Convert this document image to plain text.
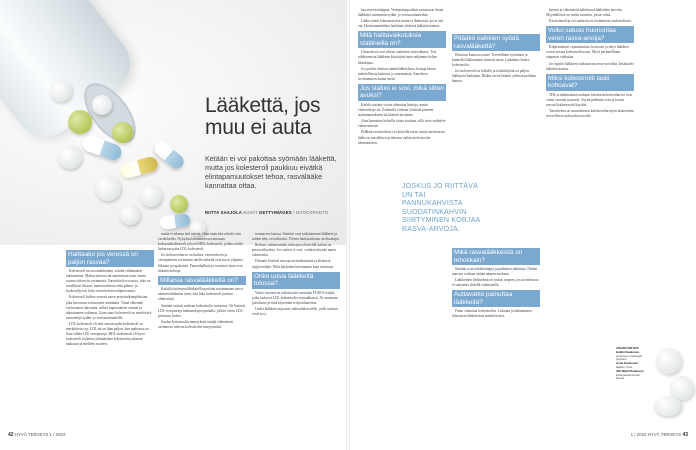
Lääkettä, jos muu ei auta
Ketään ei voi pakottaa syömään lääkettä, mutta jos kolesteroli paukkuu eivätkä elintapamuutokset tehoa, rasvalääke kannattaa ottaa.
RIITTA SAAJOLA KUVAT GETTYIMAGES / ISTOCKPHOTO
Haittaako jos veressä on paljon rasvaa?

Kolesteroli on rasvankaltainen, solulle välttämätön rakenneaine. Maksa tuottaa sitä suurimman osan, mutta osansa sitä myös ravinnosta. Varsinkin kova rasva, joka on tavallisesti lihassa, maitotuotteissa sekä palmu- ja kookosöljyssä, lisää veren kolesterolipitoisuutta.

Kolesteroli kulkee veressä rasva-proteiinikompleksina, joka kerrostuu verisuonten seinämiin. Tämä vähentää verisuonten tilavuutta, sulkee kapeutuneen suonen ja ahtautuneen valtimon. Liian suuri kolesteroli on merkittävä vaaratekijä sydän- ja verisuonitaudeille.

LDL-kolesteroli eli niin sanottu paha kolesteroli on merkittävin syy. LDL:ää on liian paljon, kun maksassa on liian vähän LDL-reseptoreja. HDL-kolesteroli eli hyvä kolesteroli kuljettaa ylimääräistä kolesterolia takaisin maksaan ja edelleen suoleen.

mutta ei aiheuta heti oireita. Oma tautiriski selviää vain verikokeella. Nykyään laboratoriossa mitataan kokonaiskolesteroli ja hyvä HDL-kolesteroli, joiden avulla lasketaan paha LDL-kolesteroli.

Jos kolesteroliarvo on korkea, verensokerin ja verenpaineen arvioinnin ohella tärkeitä ovat myös ylipaino, liikunta ja tupakointi. Painonhallinta ja ravinnon laatu ovat tärkeitä keinoja.

Millaisia rasvalääkkeitä on?

Kaikilla kolesterolilääkkeillä pyritään muuttamaan rasva-aineenvaihduntaa siten, että liika kolesteroli poistuu elimistöstä.

Statiinit estävät maksan kolesterolin tuotantoa. Ne lisäävät LDL-reseptoreja maksasolujen pinnalla, jolloin veren LDL-pitoisuus laskee.

Suolen kolesterolin imeytyksen estäjät vähentävät ravinnosta tulevan kolesterolin imeytymistä.

seuraavien kanssa. Statiinit ovat tutkituimmat lääkkeet ja niiden teho on todistettu. Yleisin haittavaikutus on lihaskipu.

Reilusti valtimotaudin riskirajan ylittävillä statiini on perusvaihtoehto. Jos statiini ei sovi, voidaan käyttää muita valmisteita.

Fibraatit lisäävät rasvoja ravintokuituina ja alentavat triglyseridejä. Niitä käytetään harvemmin kuin statiineja.

Onko uusia lääkkeitä tulossa?

Viime vuosina on tutkittu niin sanottuja PCSK9-estäjiä, jotka laskevat LDL-kolesterolia voimakkaasti. Ne annetaan pistoksina ja niitä käytetään erityistilanteissa.

Uudet lääkkeet tarjoavat vaihtoehdon niille, joille statiinit eivät sovi.

42 HYVÄ TERVEYS 1 / 2022

kaa aivoveritulppaa. Verenpainepotilaat sairastuvat ilman lääkkeitä useammin sydän- ja verisuonitauteihin.

Lääke toimii laboratoriossa mutta ei ihmisessä, jos ei sitä ota. Hoitosuunnitelma laaditaan yhdessä lääkärin kanssa.

Mitä haittavaikutuksia statiineilla on?

Lihasvaivat ovat yleisin statiinien sivuvaikutus. Tosi tulehtuneista lääkkeen käyttäjistä noin neljännes kokee lihaskipua.

Jos potilas aloittaa statiinilääkityksen, hoitaja kertoo mahdollisista haitoista ja seurannasta. Annoksen sovittaminen auttaa usein.

Jos statiini ei sovi, mikä sitten avuksi?

Kaikki statiinit voivat aiheuttaa haittoja, mutta vaihtoehtoja on. Ezetimibi voidaan yhdistää pieneen statiiniannokseen tai käyttää yksinään.

Aina kannattaa kokeilla toista statiinia, sillä sieto vaihtelee valmisteittain.

Pelkkää ruokavaliota voi kokeilla ensin, mutta tarvittaessa lääke on turvallinen ja tehokas valinta kolesterolin alentamiseen.

Pitääkö kaikkien syödä rasvalääkettä?

Elintavat kuntoon ensin! Terveellinen syöminen ja kunnolla liikkuminen riittävät usein. Laihdutus laskee kolesterolia.

Jos kolesteroli on koholla ja riskitekijöitä on paljon, lääkitystä harkitaan. Riskin arvioi lääkäri yhdessä potilaan kanssa.

Mikä rasvalääkkeistä on tehokkain?

Statiinit ovat tehokkaimpia ja parhaiten tutkittuja. Niiden annosta voidaan säätää tarpeen mukaan.

Lääkkeiden yhdistelmä on joskus tarpeen, jos tavoitetasoa ei saavuteta yhdellä valmisteella.

Auttavatko painuttaa lääkkeitä?

Paino vaikuttaa kolesteroliin. Liikunta ja laihtuminen tehostavat lääkehoitoa merkittävästi.

keemit ja vähentävät tutkittuna lääkkeiden tarvetta. Myymälöissä on useita tuotteita, joista valita.

Kasvistanoleja voi saada myös luontaisesti ruokavaliosta.

Voiko satuas huononlaa veren rasva-arvoja?

Kilpirauhasen vajaatoiminta, kortisoni ja tietyt lääkkeet voivat nostaa kolesteroliarvoja. Myös perinnöllinen taipumus vaikuttaa.

Jos epäilet lääkkeen vaikuttavan rasva-arvoihin, keskustele lääkärin kanssa.

Miksi kolesterolit laski kohoavat?

THL:n tutkimuksen mukaan väestön kolesteroliarvot ovat viime vuosina nousseet. Syynä pidetään voin ja kovan rasvan lisääntynyttä käyttöä.

Tavoitteena on suomalaisten kolesteroliarvojen laskeminen terveellisen ruokavalion avulla.

1 / 2022 HYVÄ TERVEYS 43
JOSKUS JO RIITTÄVÄ UN TAI PANNUKAHVISTA SUODATINKAHVIN SIIRTYMINEN KORJAA RASVA-ARVOJA.
ASIANTUNTIJAT
Heikki Kaukonen
professori, Helsingin yliopisto
Anne Kaunonen
lääkäri, Oulu
Veli-Matti Pietarinen
kehitysasiantuntija, Fimea
